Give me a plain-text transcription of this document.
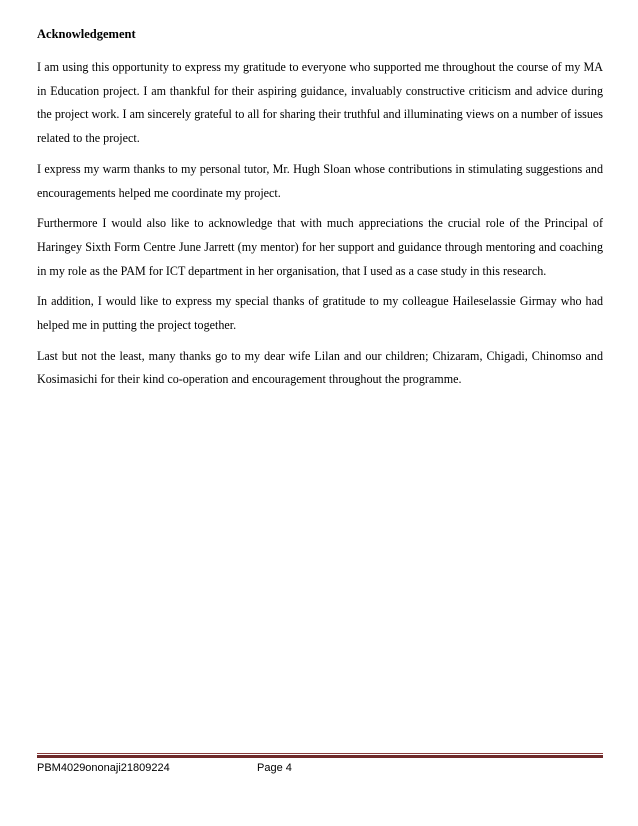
Acknowledgement

I am using this opportunity to express my gratitude to everyone who supported me throughout the course of my MA in Education project. I am thankful for their aspiring guidance, invaluably constructive criticism and advice during the project work. I am sincerely grateful to all for sharing their truthful and illuminating views on a number of issues related to the project.

I express my warm thanks to my personal tutor, Mr. Hugh Sloan whose contributions in stimulating suggestions and encouragements helped me coordinate my project.

Furthermore I would also like to acknowledge that with much appreciations the crucial role of the Principal of Haringey Sixth Form Centre June Jarrett (my mentor) for her support and guidance through mentoring and coaching in my role as the PAM for ICT department in her organisation, that I used as a case study in this research.

In addition, I would like to express my special thanks of gratitude to my colleague Haileselassie Girmay who had helped me in putting the project together.

Last but not the least, many thanks go to my dear wife Lilan and our children; Chizaram, Chigadi, Chinomso and Kosimasichi for their kind co-operation and encouragement throughout the programme.

PBM4029ononaji21809224	Page 4
